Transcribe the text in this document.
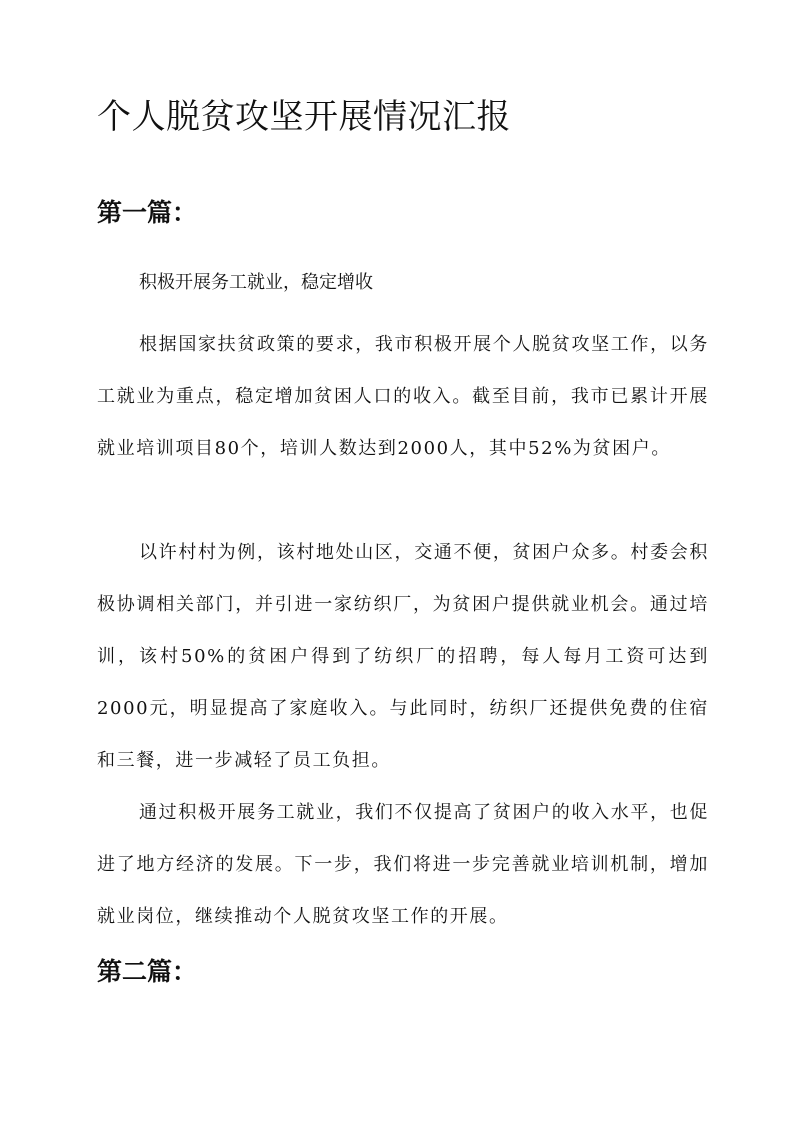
个人脱贫攻坚开展情况汇报
第一篇：

积极开展务工就业，稳定增收

根据国家扶贫政策的要求，我市积极开展个人脱贫攻坚工作，以务工就业为重点，稳定增加贫困人口的收入。截至目前，我市已累计开展就业培训项目80个，培训人数达到2000人，其中52%为贫困户。

以许村村为例，该村地处山区，交通不便，贫困户众多。村委会积极协调相关部门，并引进一家纺织厂，为贫困户提供就业机会。通过培训，该村50%的贫困户得到了纺织厂的招聘，每人每月工资可达到2000元，明显提高了家庭收入。与此同时，纺织厂还提供免费的住宿和三餐，进一步减轻了员工负担。

通过积极开展务工就业，我们不仅提高了贫困户的收入水平，也促进了地方经济的发展。下一步，我们将进一步完善就业培训机制，增加就业岗位，继续推动个人脱贫攻坚工作的开展。

第二篇：
